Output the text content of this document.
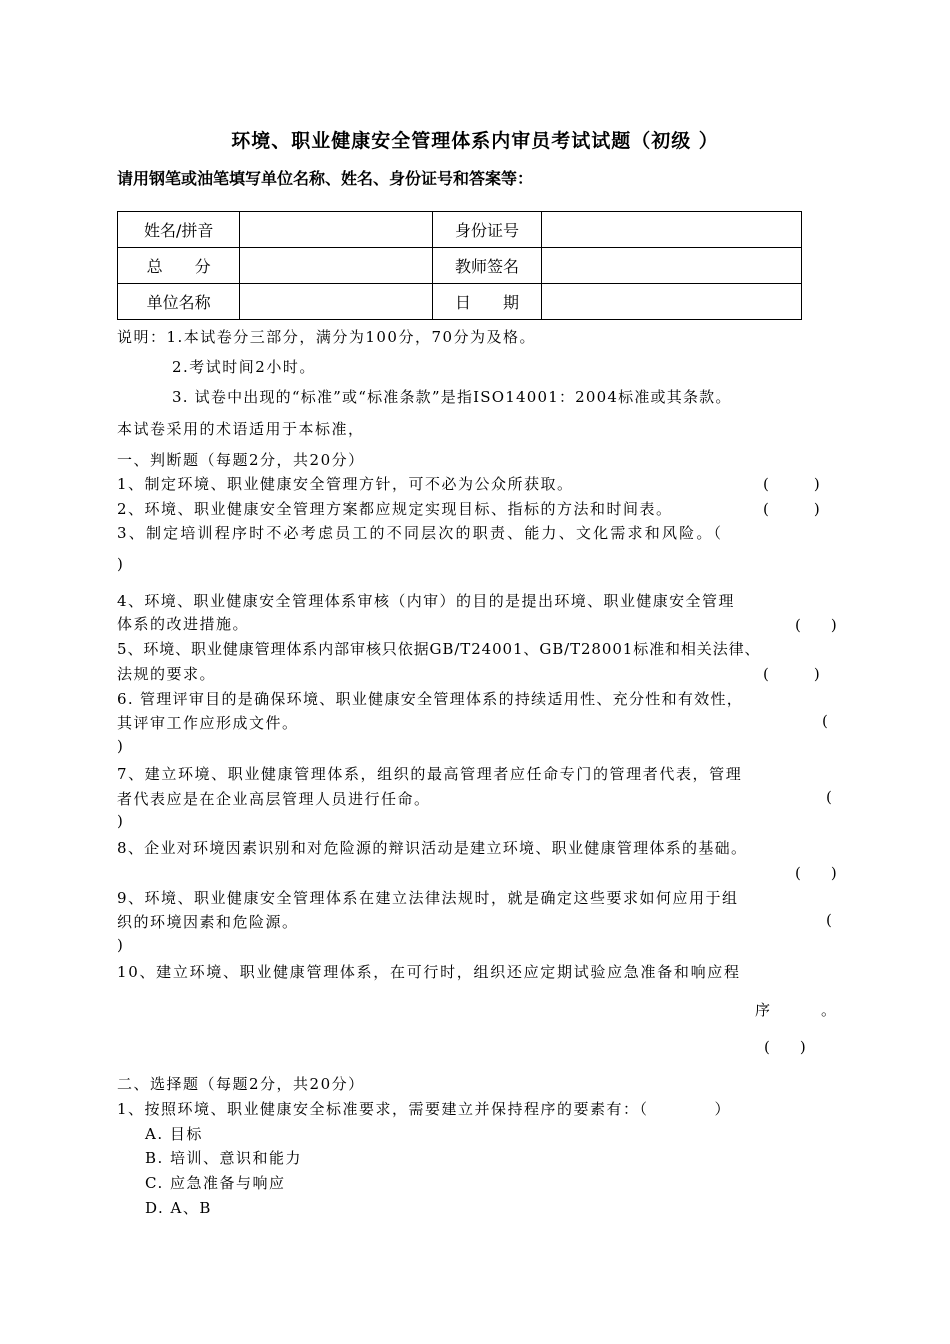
环境、职业健康安全管理体系内审员考试试题（初级 ）
请用钢笔或油笔填写单位名称、姓名、身份证号和答案等：
姓名/拼音		身份证号	
总　　分		教师签名	
单位名称		日　　期	
说明：1.本试卷分三部分，满分为100分，70分为及格。
2.考试时间2小时。
3. 试卷中出现的“标准”或“标准条款”是指ISO14001：2004标准或其条款。
本试卷采用的术语适用于本标准，
一、判断题（每题2分，共20分）
1、制定环境、职业健康安全管理方针，可不必为公众所获取。	(　　　)
2、环境、职业健康安全管理方案都应规定实现目标、指标的方法和时间表。	(　　　)
3、制定培训程序时不必考虑员工的不同层次的职责、能力、文化需求和风险。（
)
4、环境、职业健康安全管理体系审核（内审）的目的是提出环境、职业健康安全管理
体系的改进措施。	(　　)
5、环境、职业健康管理体系内部审核只依据GB/T24001、GB/T28001标准和相关法律、
法规的要求。	(　　　)
6. 管理评审目的是确保环境、职业健康安全管理体系的持续适用性、充分性和有效性，
其评审工作应形成文件。	(
)
7、建立环境、职业健康管理体系，组织的最高管理者应任命专门的管理者代表，管理
者代表应是在企业高层管理人员进行任命。	(
)
8、企业对环境因素识别和对危险源的辩识活动是建立环境、职业健康管理体系的基础。
(　　)
9、环境、职业健康安全管理体系在建立法律法规时，就是确定这些要求如何应用于组
织的环境因素和危险源。	(
)
10、建立环境、职业健康管理体系，在可行时，组织还应定期试验应急准备和响应程
序　　　。
(　　)
二、选择题（每题2分，共20分）
1、按照环境、职业健康安全标准要求，需要建立并保持程序的要素有：（　　　　）
A. 目标
B. 培训、意识和能力
C. 应急准备与响应
D. A、B
